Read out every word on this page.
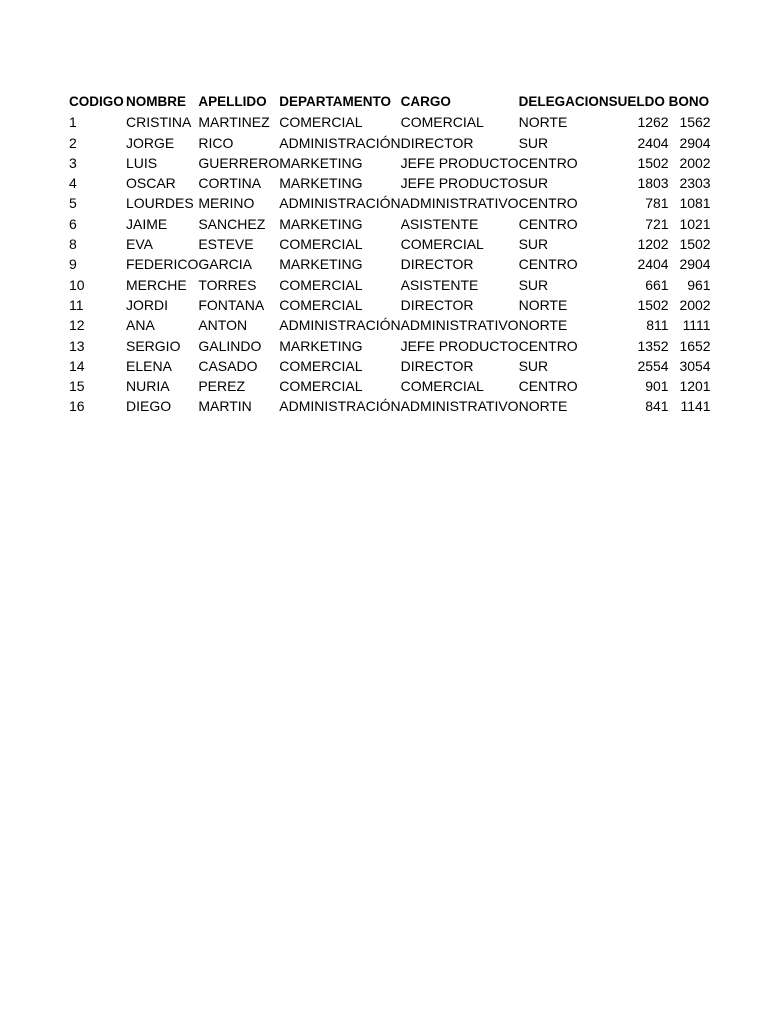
CODIGO	NOMBRE	APELLIDO	DEPARTAMENTO	CARGO	DELEGACION	SUELDO	BONO
1	CRISTINA	MARTINEZ	COMERCIAL	COMERCIAL	NORTE	1262	1562
2	JORGE	RICO	ADMINISTRACIÓN	DIRECTOR	SUR	2404	2904
3	LUIS	GUERRERO	MARKETING	JEFE PRODUCTO	CENTRO	1502	2002
4	OSCAR	CORTINA	MARKETING	JEFE PRODUCTO	SUR	1803	2303
5	LOURDES	MERINO	ADMINISTRACIÓN	ADMINISTRATIVO	CENTRO	781	1081
6	JAIME	SANCHEZ	MARKETING	ASISTENTE	CENTRO	721	1021
8	EVA	ESTEVE	COMERCIAL	COMERCIAL	SUR	1202	1502
9	FEDERICO	GARCIA	MARKETING	DIRECTOR	CENTRO	2404	2904
10	MERCHE	TORRES	COMERCIAL	ASISTENTE	SUR	661	961
11	JORDI	FONTANA	COMERCIAL	DIRECTOR	NORTE	1502	2002
12	ANA	ANTON	ADMINISTRACIÓN	ADMINISTRATIVO	NORTE	811	1111
13	SERGIO	GALINDO	MARKETING	JEFE PRODUCTO	CENTRO	1352	1652
14	ELENA	CASADO	COMERCIAL	DIRECTOR	SUR	2554	3054
15	NURIA	PEREZ	COMERCIAL	COMERCIAL	CENTRO	901	1201
16	DIEGO	MARTIN	ADMINISTRACIÓN	ADMINISTRATIVO	NORTE	841	1141
